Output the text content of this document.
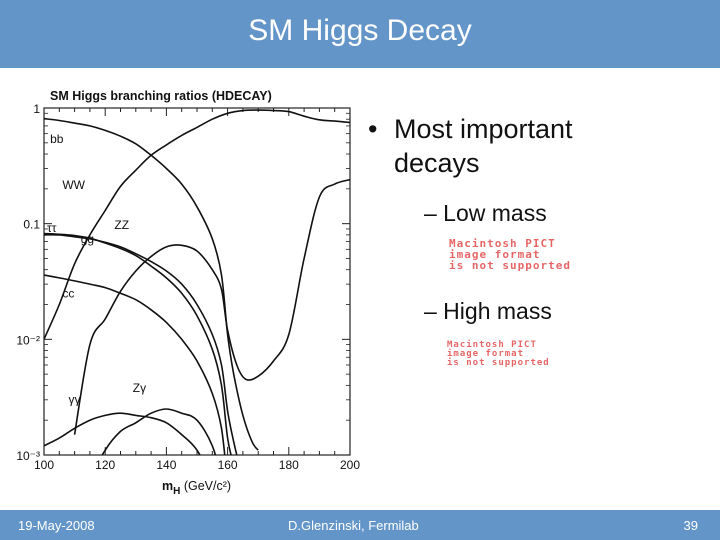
SM Higgs Decay
SM Higgs branching ratios (HDECAY)
1
0.1
10⁻²
10⁻³
100	120	140	160	180	200
$m_H$ (GeV/c²)
bb
WW
ττ
gg
ZZ
cc
γγ
Zγ
• Most important decays
– Low mass
– High mass
Macintosh PICT
image format
is not supported
Macintosh PICT
image format
is not supported
19-May-2008	D.Glenzinski, Fermilab	39
